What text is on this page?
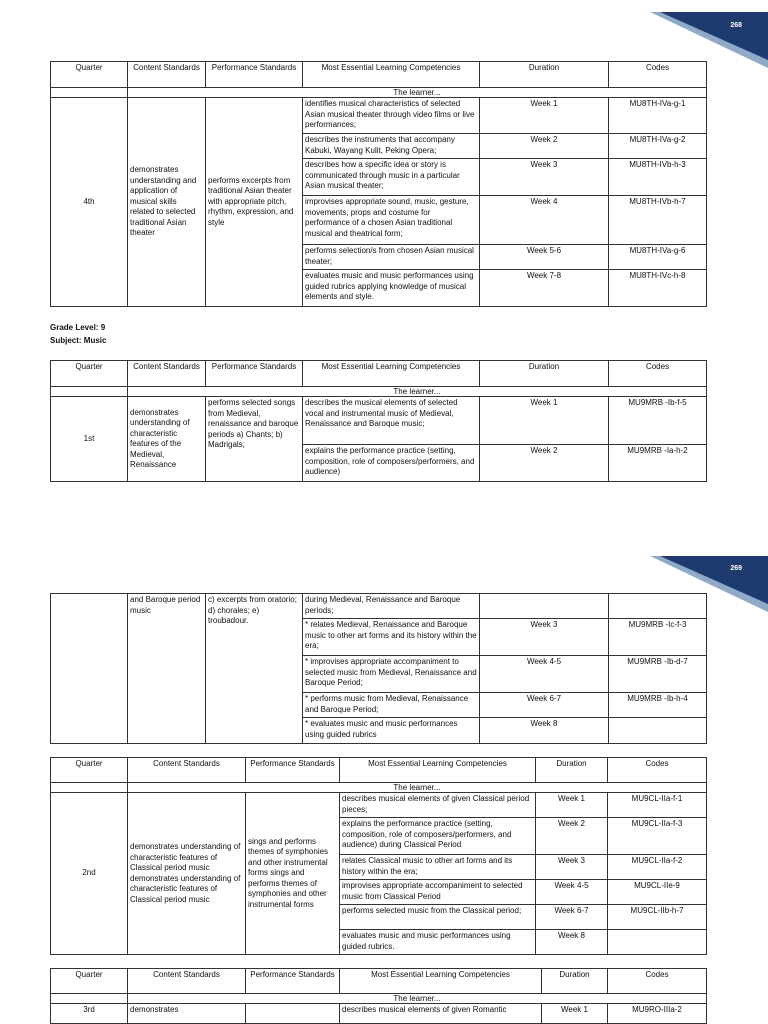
268
Quarter	Content Standards	Performance Standards	Most Essential Learning Competencies	Duration	Codes
	The learner...				
4th	demonstrates understanding and application of musical skills related to selected traditional Asian theater	performs excerpts from traditional Asian theater with appropriate pitch, rhythm, expression, and style	identifies musical characteristics of selected Asian musical theater through video films or live performances;	Week 1	MU8TH-IVa-g-1
			describes the instruments that accompany Kabuki, Wayang Kulit, Peking Opera;	Week 2	MU8TH-IVa-g-2
			describes how a specific idea or story is communicated through music in a particular Asian musical theater;	Week 3	MU8TH-IVb-h-3
			improvises appropriate sound, music, gesture, movements, props and costume for performance of a chosen Asian traditional musical and theatrical form;	Week 4	MU8TH-IVb-h-7
			performs selection/s from chosen Asian musical theater;	Week 5-6	MU8TH-IVa-g-6
			evaluates music and music performances using guided rubrics applying knowledge of musical elements and style.	Week 7-8	MU8TH-IVc-h-8
Grade Level: 9
Subject: Music
Quarter	Content Standards	Performance Standards	Most Essential Learning Competencies	Duration	Codes
	The learner...				
1st	demonstrates understanding of characteristic features of the Medieval, Renaissance	performs selected songs from Medieval, renaissance and baroque periods a) Chants; b) Madrigals;	describes the musical elements of selected vocal and instrumental music of Medieval, Renaissance and Baroque music;	Week 1	MU9MRB -Ib-f-5
			explains the performance practice (setting, composition, role of composers/performers, and audience)	Week 2	MU9MRB -Ia-h-2
269
	and Baroque period music	c) excerpts from oratorio; d) chorales; e) troubadour.	during Medieval, Renaissance and Baroque periods;		
			* relates Medieval, Renaissance and Baroque music to other art forms and its history within the era;	Week 3	MU9MRB -Ic-f-3
			* improvises appropriate accompaniment to selected music from Medieval, Renaissance and Baroque Period;	Week 4-5	MU9MRB -Ib-d-7
			* performs music from Medieval, Renaissance and Baroque Period;	Week 6-7	MU9MRB -Ib-h-4
			* evaluates music and music performances using guided rubrics	Week 8	
Quarter	Content Standards	Performance Standards	Most Essential Learning Competencies	Duration	Codes
	The learner...				
2nd	demonstrates understanding of characteristic features of Classical period music demonstrates understanding of characteristic features of Classical period music	sings and performs themes of symphonies and other instrumental forms sings and performs themes of symphonies and other instrumental forms	describes musical elements of given Classical period pieces;	Week 1	MU9CL-IIa-f-1
			explains the performance practice (setting, composition, role of composers/performers, and audience) during Classical Period	Week 2	MU9CL-IIa-f-3
			relates Classical music to other art forms and its history within the era;	Week 3	MU9CL-IIa-f-2
			improvises appropriate accompaniment to selected music from Classical Period	Week 4-5	MU9CL-IIe-9
			performs selected music from the Classical period;	Week 6-7	MU9CL-IIb-h-7
			evaluates music and music performances using guided rubrics.	Week 8	
Quarter	Content Standards	Performance Standards	Most Essential Learning Competencies	Duration	Codes
	The learner...				
3rd	demonstrates		describes musical elements of given Romantic	Week 1	MU9RO-IIIa-2
